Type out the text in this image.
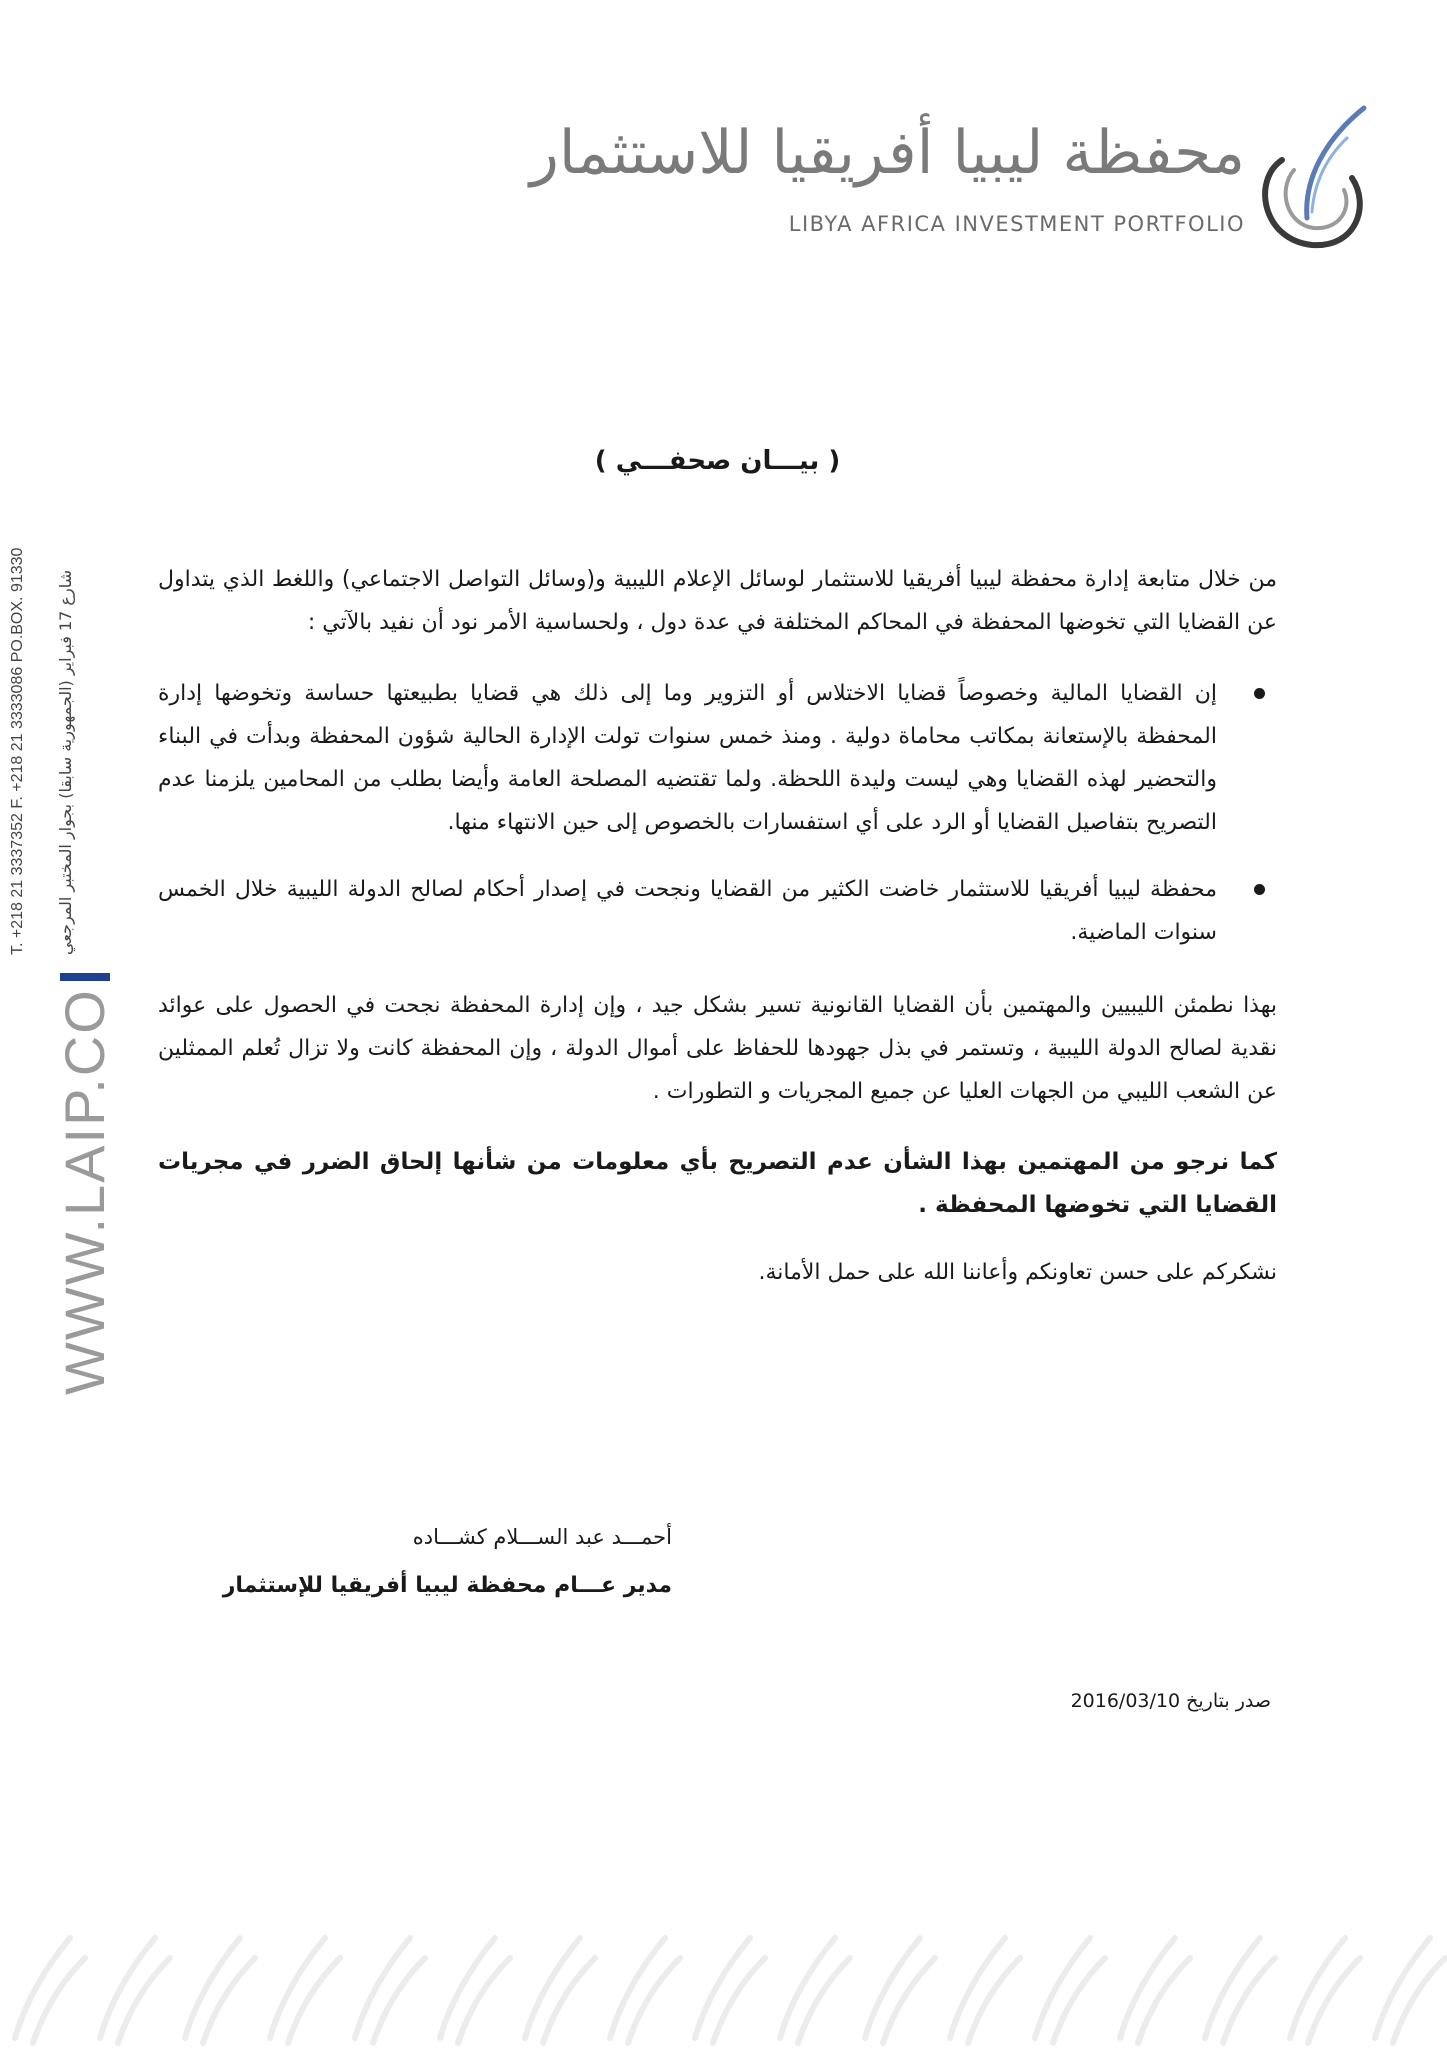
محفظة ليبيا أفريقيا للاستثمار
LIBYA AFRICA INVESTMENT PORTFOLIO
WWW.LAIP.CO
T. +218 21 3337352 F. +218 21 3333086 PO.BOX. 91330 شارع 17 فبراير (الجمهورية سابقا) بجوار المختبر المرجعي
( بيـــان صحفـــي )

من خلال متابعة إدارة محفظة ليبيا أفريقيا للاستثمار لوسائل الإعلام الليبية و(وسائل التواصل الاجتماعي) واللغط الذي يتداول عن القضايا التي تخوضها المحفظة في المحاكم المختلفة في عدة دول ، ولحساسية الأمر نود أن نفيد بالآتي :

إن القضايا المالية وخصوصاً قضايا الاختلاس أو التزوير وما إلى ذلك هي قضايا بطبيعتها حساسة وتخوضها إدارة المحفظة بالإستعانة بمكاتب محاماة دولية . ومنذ خمس سنوات تولت الإدارة الحالية شؤون المحفظة وبدأت في البناء والتحضير لهذه القضايا وهي ليست وليدة اللحظة. ولما تقتضيه المصلحة العامة وأيضا بطلب من المحامين يلزمنا عدم التصريح بتفاصيل القضايا أو الرد على أي استفسارات بالخصوص إلى حين الانتهاء منها.
محفظة ليبيا أفريقيا للاستثمار خاضت الكثير من القضايا ونجحت في إصدار أحكام لصالح الدولة الليبية خلال الخمس سنوات الماضية.

بهذا نطمئن الليبيين والمهتمين بأن القضايا القانونية تسير بشكل جيد ، وإن إدارة المحفظة نجحت في الحصول على عوائد نقدية لصالح الدولة الليبية ، وتستمر في بذل جهودها للحفاظ على أموال الدولة ، وإن المحفظة كانت ولا تزال تُعلم الممثلين عن الشعب الليبي من الجهات العليا عن جميع المجريات و التطورات .

كما نرجو من المهتمين بهذا الشأن عدم التصريح بأي معلومات من شأنها إلحاق الضرر في مجريات القضايا التي تخوضها المحفظة .

نشكركم على حسن تعاونكم وأعاننا الله على حمل الأمانة.

أحمـــد عبد الســـلام كشـــاده
مدير عـــام محفظة ليبيا أفريقيا للإستثمار
صدر بتاريخ 2016/03/10
